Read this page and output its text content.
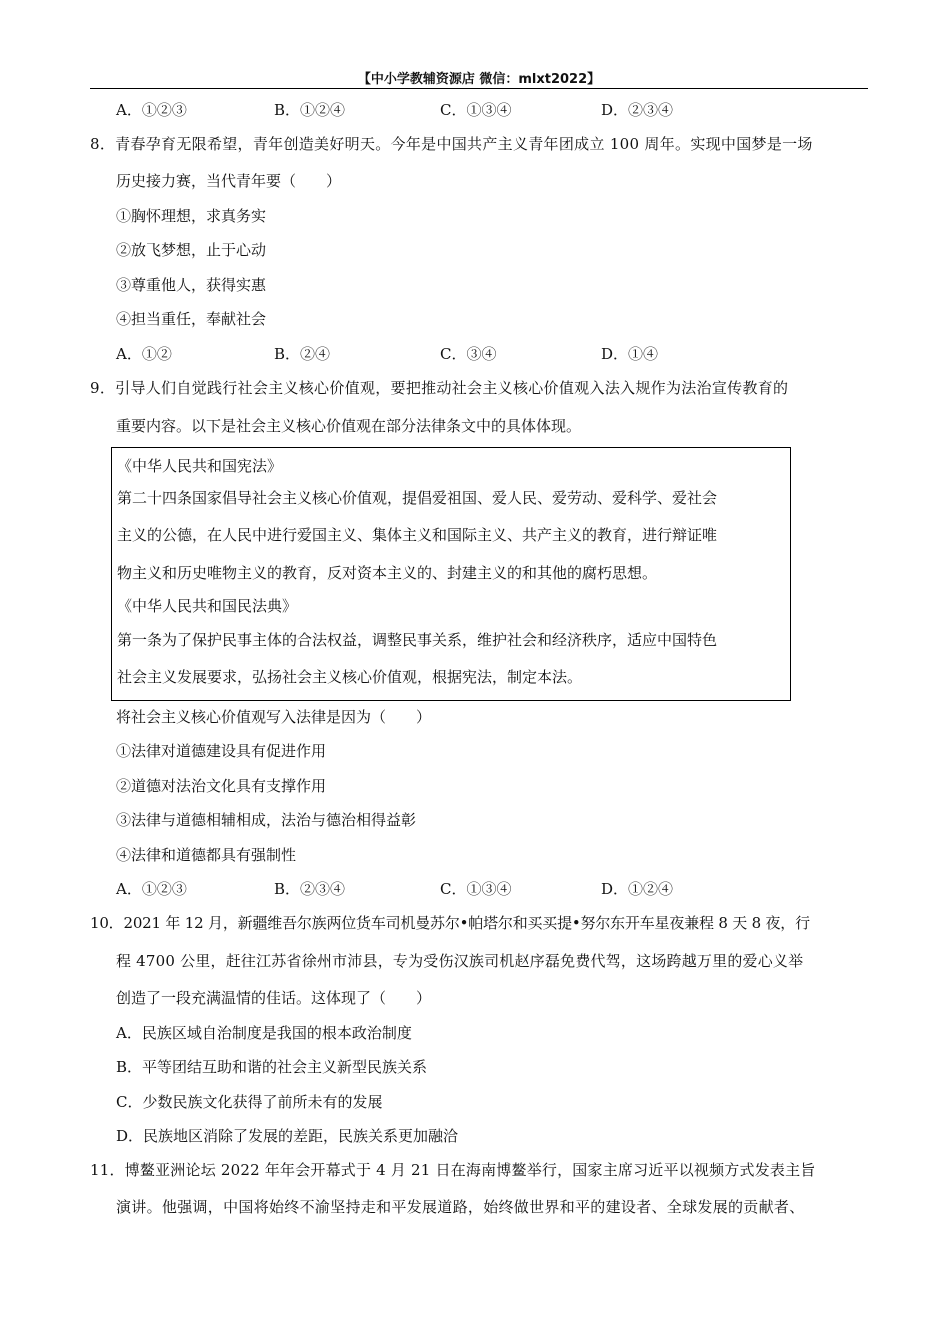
【中小学教辅资源店 微信：mlxt2022】
A．①②③	B．①②④	C．①③④	D．②③④
8．青春孕育无限希望，青年创造美好明天。今年是中国共产主义青年团成立 100 周年。实现中国梦是一场
历史接力赛，当代青年要（　　）
①胸怀理想，求真务实
②放飞梦想，止于心动
③尊重他人，获得实惠
④担当重任，奉献社会
A．①②	B．②④	C．③④	D．①④
9．引导人们自觉践行社会主义核心价值观，要把推动社会主义核心价值观入法入规作为法治宣传教育的
重要内容。以下是社会主义核心价值观在部分法律条文中的具体体现。
《中华人民共和国宪法》
第二十四条国家倡导社会主义核心价值观，提倡爱祖国、爱人民、爱劳动、爱科学、爱社会
主义的公德，在人民中进行爱国主义、集体主义和国际主义、共产主义的教育，进行辩证唯
物主义和历史唯物主义的教育，反对资本主义的、封建主义的和其他的腐朽思想。
《中华人民共和国民法典》
第一条为了保护民事主体的合法权益，调整民事关系，维护社会和经济秩序，适应中国特色
社会主义发展要求，弘扬社会主义核心价值观，根据宪法，制定本法。
将社会主义核心价值观写入法律是因为（　　）
①法律对道德建设具有促进作用
②道德对法治文化具有支撑作用
③法律与道德相辅相成，法治与德治相得益彰
④法律和道德都具有强制性
A．①②③	B．②③④	C．①③④	D．①②④
10．2021 年 12 月，新疆维吾尔族两位货车司机曼苏尔•帕塔尔和买买提•努尔东开车星夜兼程 8 天 8 夜，行
程 4700 公里，赶往江苏省徐州市沛县，专为受伤汉族司机赵序磊免费代驾，这场跨越万里的爱心义举
创造了一段充满温情的佳话。这体现了（　　）
A．民族区域自治制度是我国的根本政治制度
B．平等团结互助和谐的社会主义新型民族关系
C．少数民族文化获得了前所未有的发展
D．民族地区消除了发展的差距，民族关系更加融洽
11．博鳌亚洲论坛 2022 年年会开幕式于 4 月 21 日在海南博鳌举行，国家主席习近平以视频方式发表主旨
演讲。他强调，中国将始终不渝坚持走和平发展道路，始终做世界和平的建设者、全球发展的贡献者、
